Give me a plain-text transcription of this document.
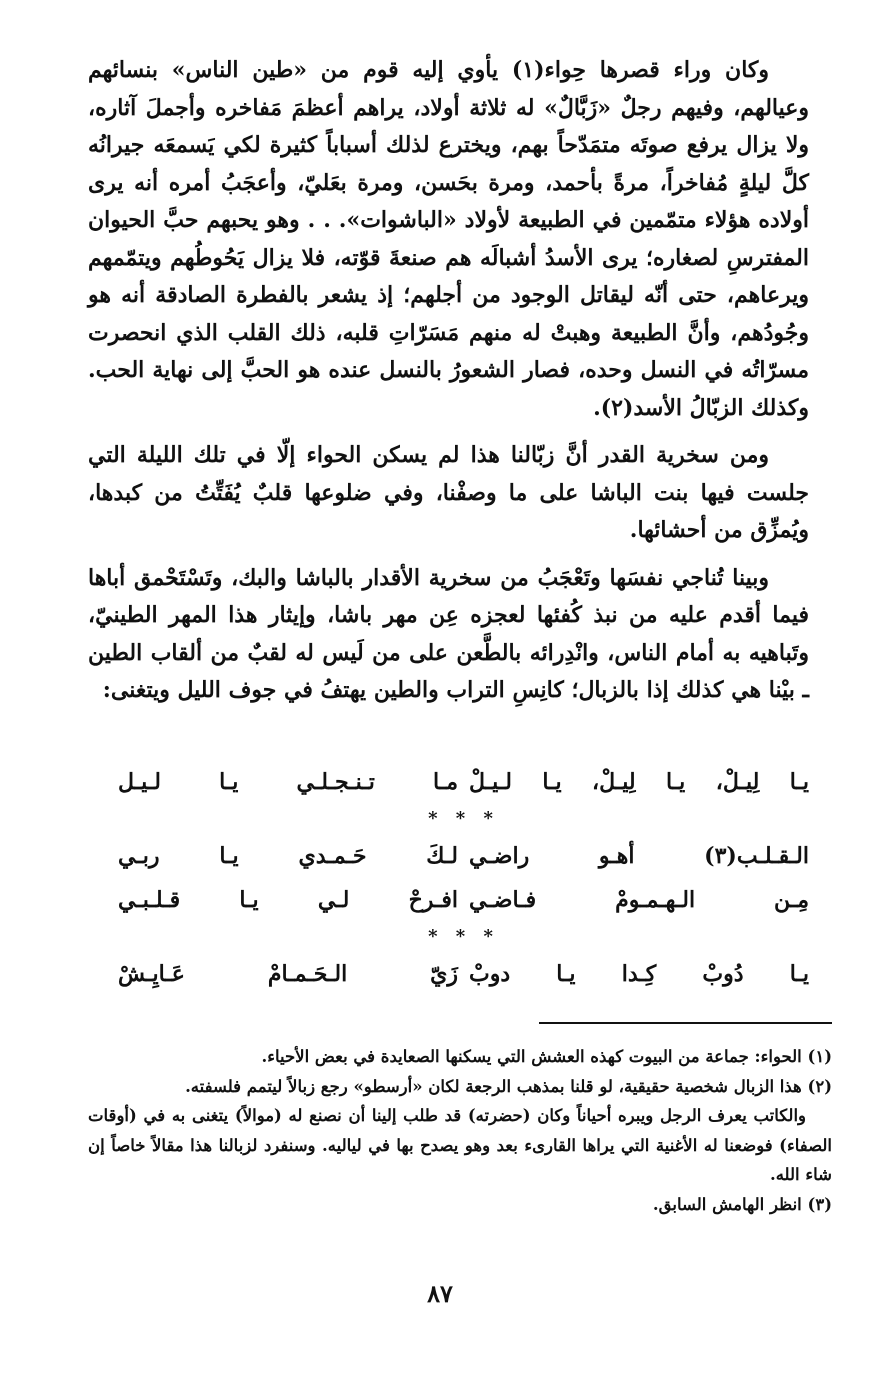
وكان وراء قصرها حِواء(١) يأوي إليه قوم من «طين الناس» بنسائهم وعيالهم، وفيهم رجلٌ «زَبَّالٌ» له ثلاثة أولاد، يراهم أعظمَ مَفاخره وأجملَ آثاره، ولا يزال يرفع صوتَه متمَدّحاً بهم، ويخترع لذلك أسباباً كثيرة لكي يَسمعَه جيرانُه كلَّ ليلةٍ مُفاخراً، مرةً بأحمد، ومرة بحَسن، ومرة بعَليّ، وأعجَبُ أمره أنه يرى أولاده هؤلاء متمّمين في الطبيعة لأولاد «الباشوات». . . وهو يحبهم حبَّ الحيوان المفترسِ لصغاره؛ يرى الأسدُ أشبالَه هم صنعةَ قوّته، فلا يزال يَحُوطُهم ويتمّمهم ويرعاهم، حتى أنّه ليقاتل الوجود من أجلهم؛ إذ يشعر بالفطرة الصادقة أنه هو وجُودُهم، وأنَّ الطبيعة وهبتْ له منهم مَسَرّاتِ قلبه، ذلك القلب الذي انحصرت مسرّاتُه في النسل وحده، فصار الشعورُ بالنسل عنده هو الحبَّ إلى نهاية الحب. وكذلك الزبّالُ الأسد(٢).

ومن سخرية القدر أنَّ زبّالنا هذا لم يسكن الحواء إلّا في تلك الليلة التي جلست فيها بنت الباشا على ما وصفْنا، وفي ضلوعها قلبٌ يُفَتِّتُ من كبدها، ويُمزِّق من أحشائها.

وبينا تُناجي نفسَها وتَعْجَبُ من سخرية الأقدار بالباشا والبك، وتَسْتَحْمق أباها فيما أقدم عليه من نبذ كُفئها لعجزه عِن مهر باشا، وإيثار هذا المهر الطينيّ، وتَباهيه به أمام الناس، وانْدِرائه بالطَّعن على من لَيس له لقبٌ من ألقاب الطين ـ بيْنا هي كذلك إذا بالزبال؛ كانِسِ التراب والطين يهتفُ في جوف الليل ويتغنى:

يـا لِيـلْ، يـا لِيـلْ، يـا لـيـلْ
مـا تـنـجـلـي يـا لـيـل
* * *
الـقـلـب(٣) أهـو راضـي
لـكَ حَـمـدي يـا ربـي
مِـن الـهـمـومْ فـاضـي
افـرحْ لـي يـا قـلـبـي
* * *
يـا دُوبْ كِـدا يـا دوبْ
زَيّ الـحَـمـامْ عَـايِـشْ

(١) الحواء: جماعة من البيوت كهذه العشش التي يسكنها الصعايدة في بعض الأحياء.

(٢) هذا الزبال شخصية حقيقية، لو قلنا بمذهب الرجعة لكان «أرسطو» رجع زبالاً ليتمم فلسفته.

والكاتب يعرف الرجل ويبره أحياناً وكان (حضرته) قد طلب إلينا أن نصنع له (موالاً) يتغنى به في (أوقات الصفاء) فوضعنا له الأغنية التي يراها القارىء بعد وهو يصدح بها في لياليه. وسنفرد لزبالنا هذا مقالاً خاصاً إن شاء الله.

(٣) انظر الهامش السابق.

٨٧
